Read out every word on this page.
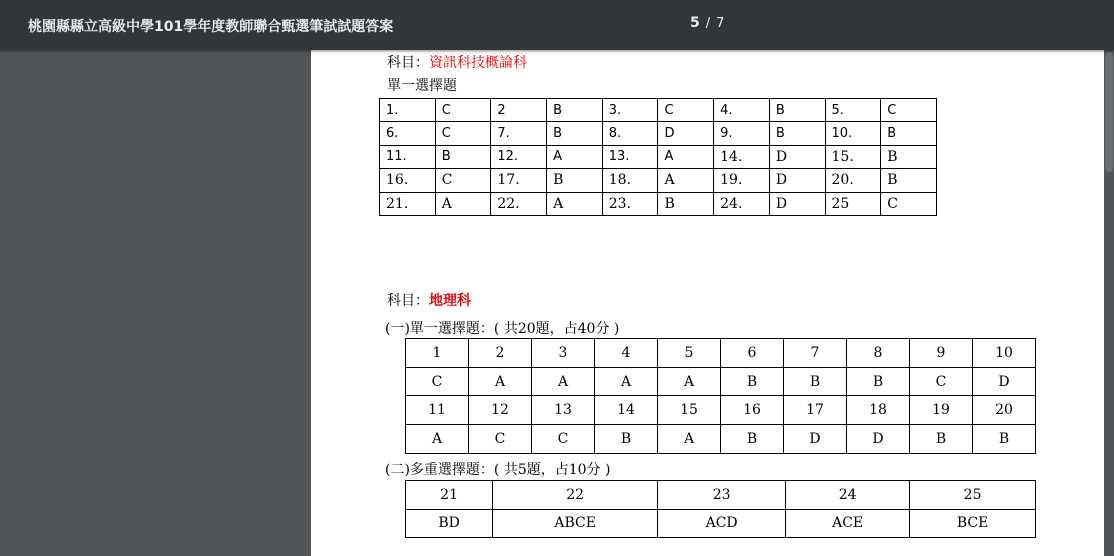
桃園縣縣立高級中學101學年度教師聯合甄選筆試試題答案	5 / 7
科目：資訊科技概論科
單一選擇題
1.	C	2	B	3.	C	4.	B	5.	C
6.	C	7.	B	8.	D	9.	B	10.	B
11.	B	12.	A	13.	A	14.	D	15.	B
16.	C	17.	B	18.	A	19.	D	20.	B
21.	A	22.	A	23.	B	24.	D	25	C
科目：地理科
(一)單一選擇題：( 共20題，占40分 )
1	2	3	4	5	6	7	8	9	10
C	A	A	A	A	B	B	B	C	D
11	12	13	14	15	16	17	18	19	20
A	C	C	B	A	B	D	D	B	B
(二)多重選擇題：( 共5題，占10分 )
21	22	23	24	25
BD	ABCE	ACD	ACE	BCE
